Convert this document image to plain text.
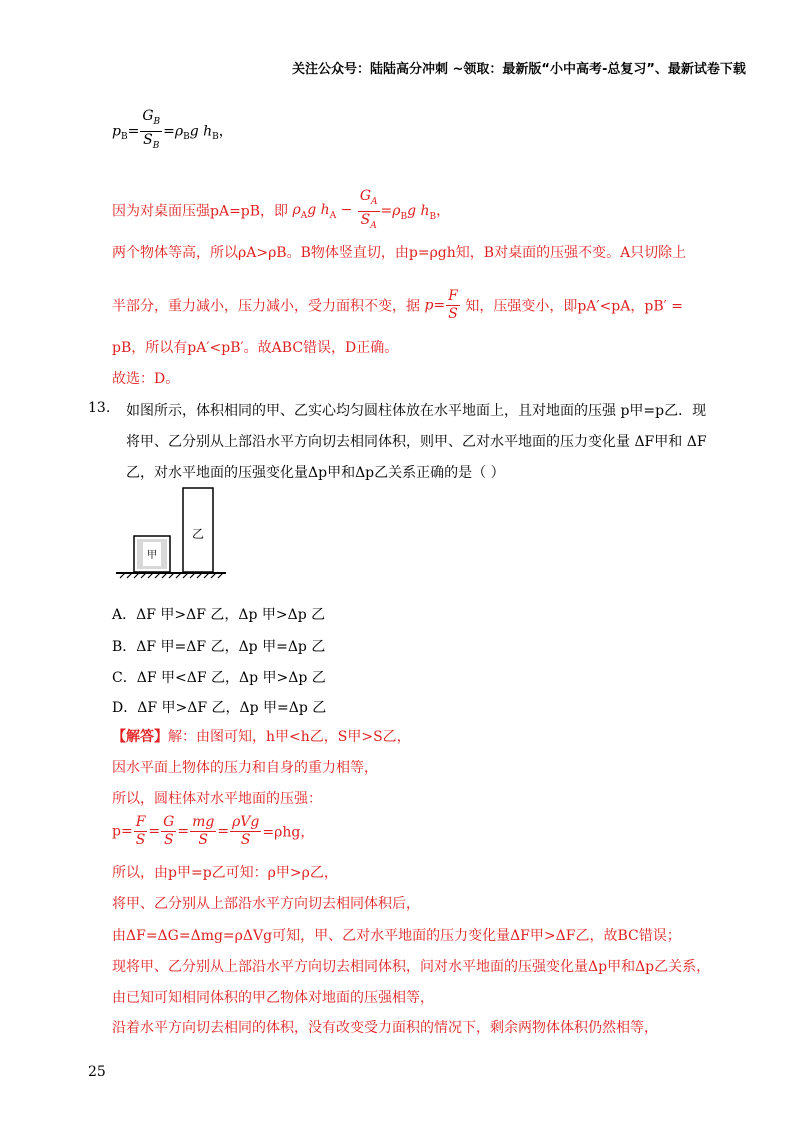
关注公众号：陆陆高分冲刺 ~领取：最新版“小中高考-总复习”、最新试卷下载
$p_B= \frac{G_B}{S_B} =\rho_Bg$ $h_B$，
因为对桌面压强pA=pB，即 $\rho_Ag$ $h_A - \frac{G_A}{S_A} =\rho_Bg$ $h_B$，
两个物体等高，所以ρA>ρB。B物体竖直切，由p=ρgh知，B对桌面的压强不变。A只切除上
半部分，重力减小，压力减小，受力面积不变，据 $p= \frac{F}{S}$ 知，压强变小，即pA′<pA，pB′ =
pB，所以有pA′<pB′。故ABC错误，D正确。
故选：D。
13. 如图所示，体积相同的甲、乙实心均匀圆柱体放在水平地面上，且对地面的压强 p甲=p乙．现
将甲、乙分别从上部沿水平方向切去相同体积，则甲、乙对水平地面的压力变化量 ΔF甲和 ΔF
乙，对水平地面的压强变化量Δp甲和Δp乙关系正确的是（ ）
甲
乙
A．ΔF 甲>ΔF 乙，Δp 甲>Δp 乙
B．ΔF 甲=ΔF 乙，Δp 甲=Δp 乙
C．ΔF 甲<ΔF 乙，Δp 甲>Δp 乙
D．ΔF 甲>ΔF 乙，Δp 甲=Δp 乙
【解答】解：由图可知，h甲<h乙，S甲>S乙，
因水平面上物体的压力和自身的重力相等，
所以，圆柱体对水平地面的压强：
$p= \frac{F}{S} = \frac{G}{S} = \frac{mg}{S} = \frac{\text{ρVg}}{S} =\rho hg$，
所以，由p甲=p乙可知：ρ甲>ρ乙，
将甲、乙分别从上部沿水平方向切去相同体积后，
由ΔF=ΔG=Δmg=ρΔVg可知，甲、乙对水平地面的压力变化量ΔF甲>ΔF乙，故BC错误；
现将甲、乙分别从上部沿水平方向切去相同体积，问对水平地面的压强变化量Δp甲和Δp乙关系，
由已知可知相同体积的甲乙物体对地面的压强相等，
沿着水平方向切去相同的体积，没有改变受力面积的情况下，剩余两物体体积仍然相等，
25
